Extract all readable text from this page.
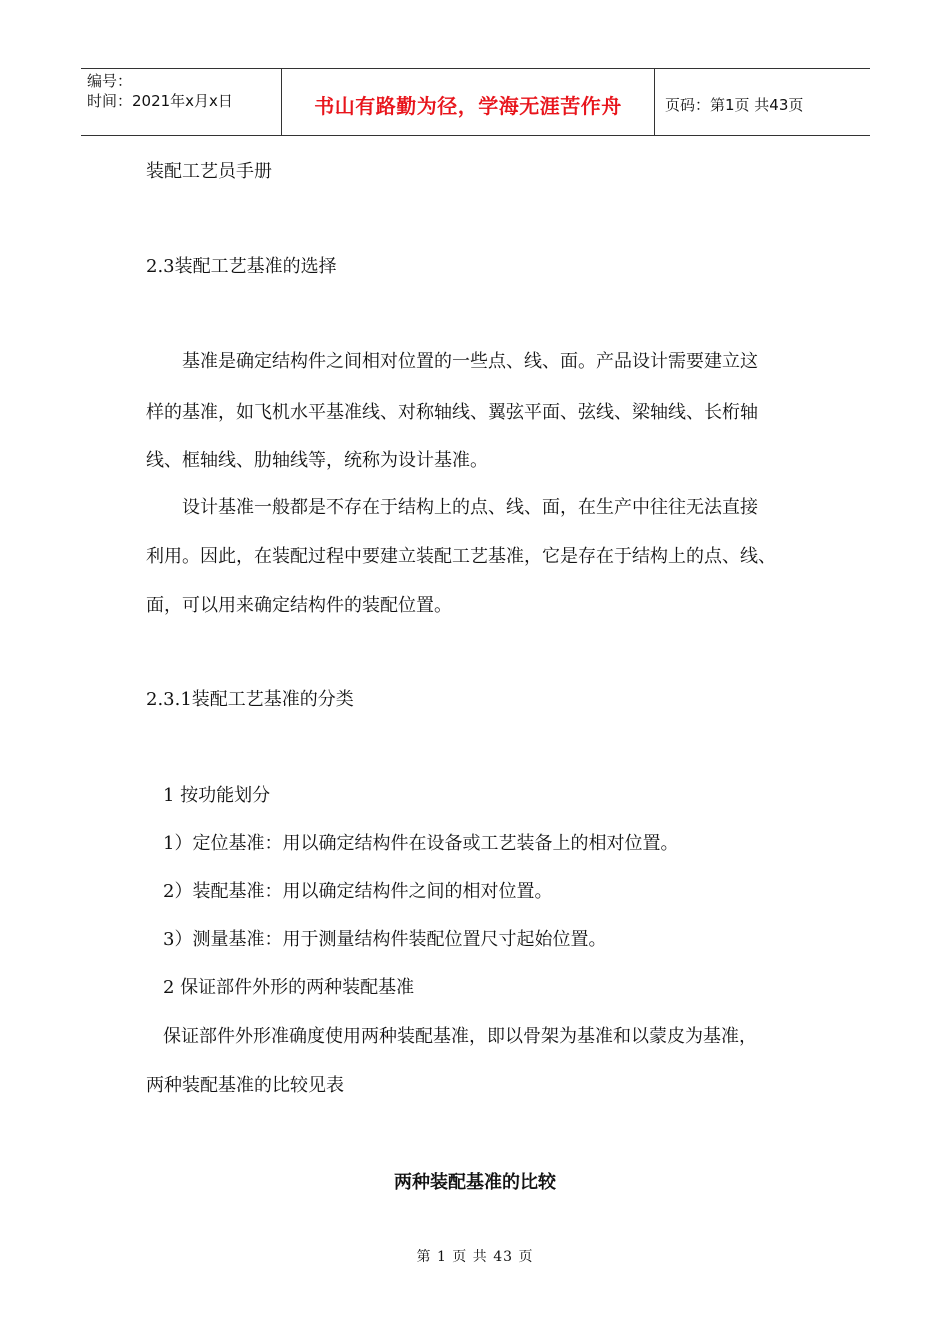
编号：
时间：2021年x月x日	书山有路勤为径，学海无涯苦作舟	页码：第1页 共43页
装配工艺员手册
2.3装配工艺基准的选择
基准是确定结构件之间相对位置的一些点、线、面。产品设计需要建立这
样的基准，如飞机水平基准线、对称轴线、翼弦平面、弦线、梁轴线、长桁轴
线、框轴线、肋轴线等，统称为设计基准。
设计基准一般都是不存在于结构上的点、线、面，在生产中往往无法直接
利用。因此，在装配过程中要建立装配工艺基准，它是存在于结构上的点、线、
面，可以用来确定结构件的装配位置。
2.3.1装配工艺基准的分类
1 按功能划分
1）定位基准：用以确定结构件在设备或工艺装备上的相对位置。
2）装配基准：用以确定结构件之间的相对位置。
3）测量基准：用于测量结构件装配位置尺寸起始位置。
2 保证部件外形的两种装配基准
保证部件外形准确度使用两种装配基准，即以骨架为基准和以蒙皮为基准，
两种装配基准的比较见表
两种装配基准的比较
第 1 页 共 43 页
